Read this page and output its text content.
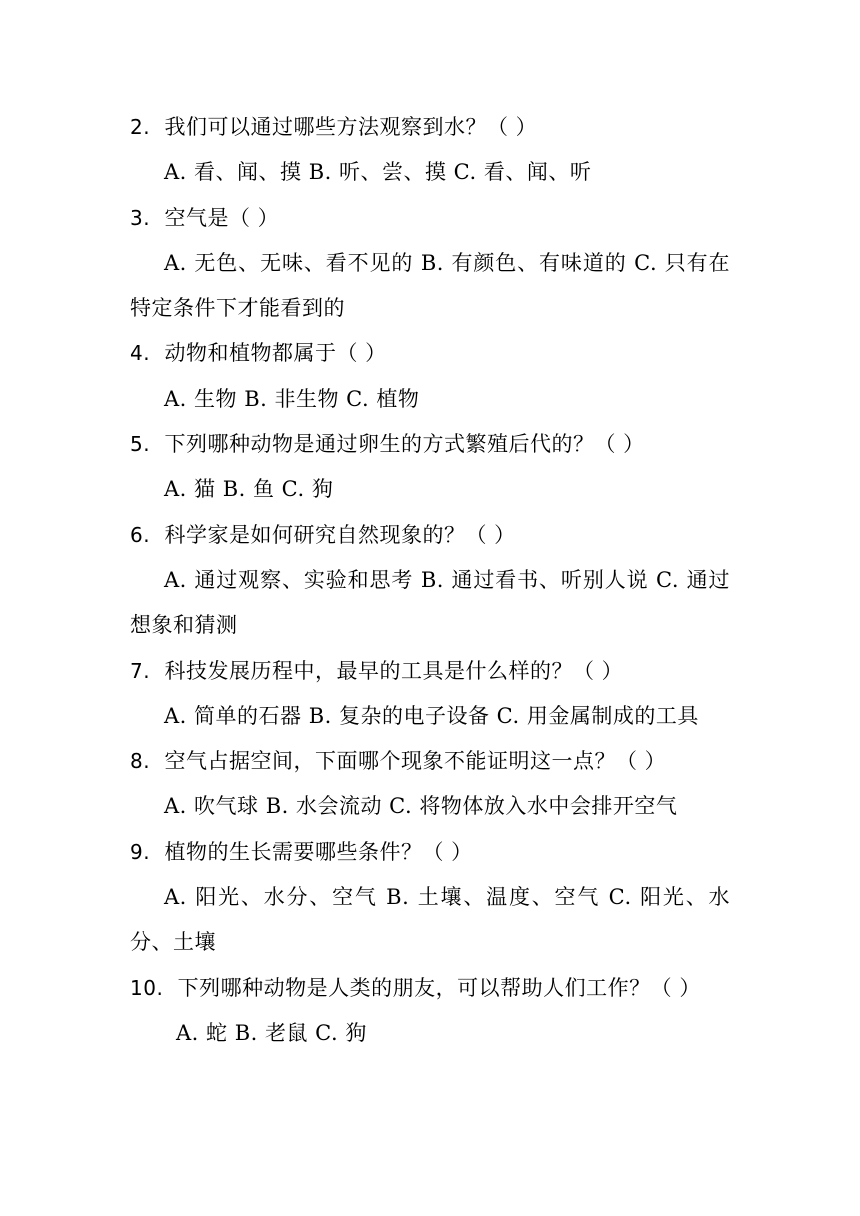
2. 我们可以通过哪些方法观察到水？（ ）

A. 看、闻、摸 B. 听、尝、摸 C. 看、闻、听

3. 空气是（ ）

A. 无色、无味、看不见的 B. 有颜色、有味道的 C. 只有在特定条件下才能看到的

4. 动物和植物都属于（ ）

A. 生物 B. 非生物 C. 植物

5. 下列哪种动物是通过卵生的方式繁殖后代的？（ ）

A. 猫 B. 鱼 C. 狗

6. 科学家是如何研究自然现象的？（ ）

A. 通过观察、实验和思考 B. 通过看书、听别人说 C. 通过想象和猜测

7. 科技发展历程中，最早的工具是什么样的？（ ）

A. 简单的石器 B. 复杂的电子设备 C. 用金属制成的工具

8. 空气占据空间，下面哪个现象不能证明这一点？（ ）

A. 吹气球 B. 水会流动 C. 将物体放入水中会排开空气

9. 植物的生长需要哪些条件？（ ）

A. 阳光、水分、空气 B. 土壤、温度、空气 C. 阳光、水分、土壤

10. 下列哪种动物是人类的朋友，可以帮助人们工作？（ ）

A. 蛇 B. 老鼠 C. 狗
